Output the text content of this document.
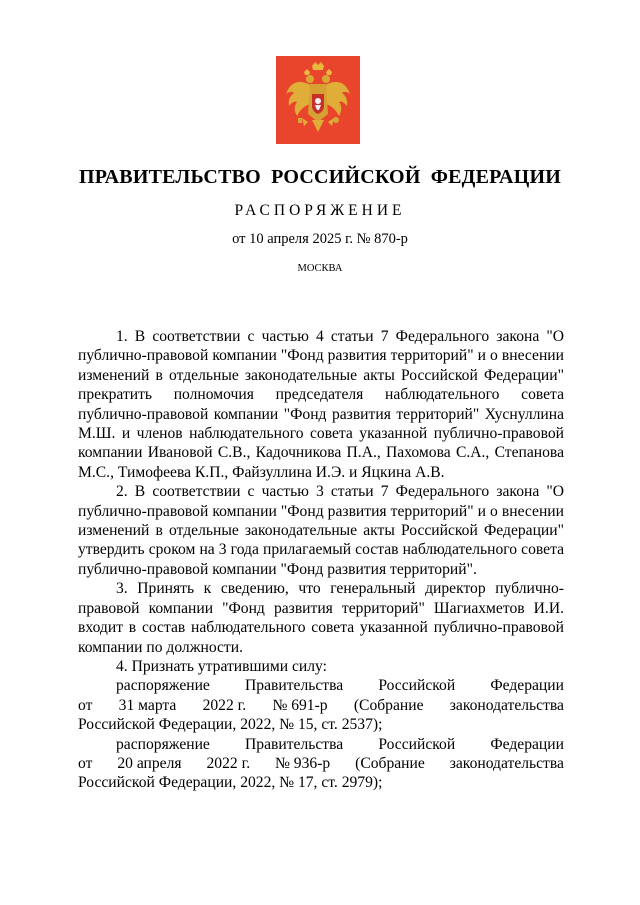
ПРАВИТЕЛЬСТВО РОССИЙСКОЙ ФЕДЕРАЦИИ
РАСПОРЯЖЕНИЕ
от 10 апреля 2025 г. № 870-р
МОСКВА

1. В соответствии с частью 4 статьи 7 Федерального закона "О публично-правовой компании "Фонд развития территорий" и о внесении изменений в отдельные законодательные акты Российской Федерации" прекратить полномочия председателя наблюдательного совета публично-правовой компании "Фонд развития территорий" Хуснуллина М.Ш. и членов наблюдательного совета указанной публично-правовой компании Ивановой С.В., Кадочникова П.А., Пахомова С.А., Степанова М.С., Тимофеева К.П., Файзуллина И.Э. и Яцкина А.В.

2. В соответствии с частью 3 статьи 7 Федерального закона "О публично-правовой компании "Фонд развития территорий" и о внесении изменений в отдельные законодательные акты Российской Федерации" утвердить сроком на 3 года прилагаемый состав наблюдательного совета публично-правовой компании "Фонд развития территорий".

3. Принять к сведению, что генеральный директор публично-правовой компании "Фонд развития территорий" Шагиахметов И.И. входит в состав наблюдательного совета указанной публично-правовой компании по должности.

4. Признать утратившими силу:

распоряжение Правительства Российской Федерации
от 31 марта 2022 г. № 691-р (Собрание законодательства

Российской Федерации, 2022, № 15, ст. 2537);

распоряжение Правительства Российской Федерации
от 20 апреля 2022 г. № 936-р (Собрание законодательства

Российской Федерации, 2022, № 17, ст. 2979);
